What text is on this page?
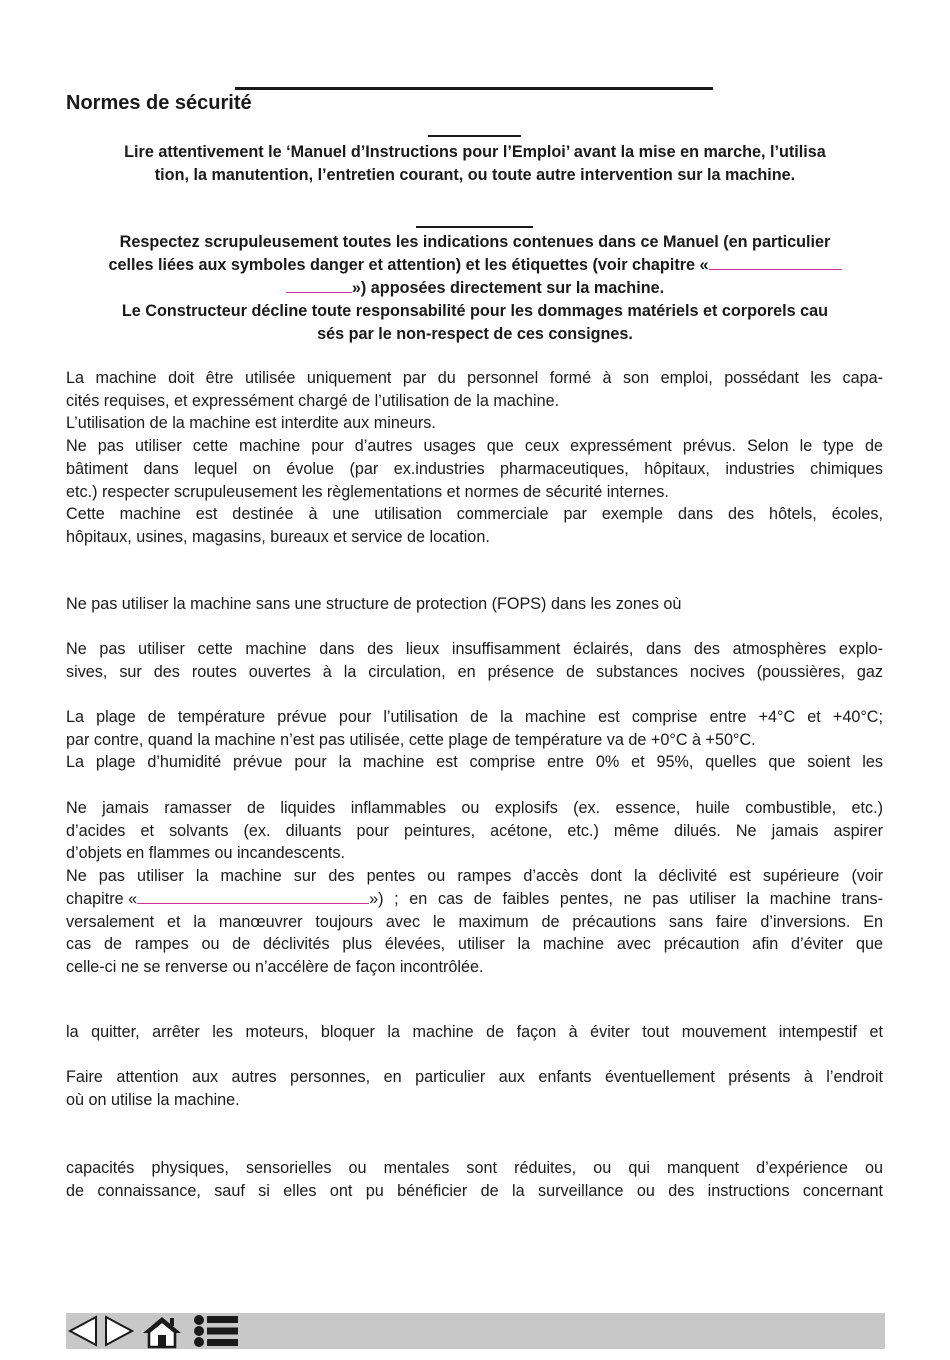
Normes de sécurité
Lire attentivement le ‘Manuel d’Instructions pour l’Emploi’ avant la mise en marche, l’utilisa
tion, la manutention, l’entretien courant, ou toute autre intervention sur la machine.
Respectez scrupuleusement toutes les indications contenues dans ce Manuel (en particulier
celles liées aux symboles danger et attention) et les étiquettes (voir chapitre «
») apposées directement sur la machine.
Le Constructeur décline toute responsabilité pour les dommages matériels et corporels cau
sés par le non-respect de ces consignes.
La machine doit être utilisée uniquement par du personnel formé à son emploi, possédant les capa-
cités requises, et expressément chargé de l’utilisation de la machine.
L’utilisation de la machine est interdite aux mineurs.
Ne pas utiliser cette machine pour d’autres usages que ceux expressément prévus. Selon le type de
bâtiment dans lequel on évolue (par ex.industries pharmaceutiques, hôpitaux, industries chimiques
etc.) respecter scrupuleusement les règlementations et normes de sécurité internes.
Cette machine est destinée à une utilisation commerciale par exemple dans des hôtels, écoles,
hôpitaux, usines, magasins, bureaux et service de location.
Ne pas utiliser la machine sans une structure de protection (FOPS) dans les zones où
Ne pas utiliser cette machine dans des lieux insuffisamment éclairés, dans des atmosphères explo-
sives, sur des routes ouvertes à la circulation, en présence de substances nocives (poussières, gaz
La plage de température prévue pour l’utilisation de la machine est comprise entre +4°C et +40°C;
par contre, quand la machine n’est pas utilisée, cette plage de température va de +0°C à +50°C.
La plage d’humidité prévue pour la machine est comprise entre 0% et 95%, quelles que soient les
Ne jamais ramasser de liquides inflammables ou explosifs (ex. essence, huile combustible, etc.)
d’acides et solvants (ex. diluants pour peintures, acétone, etc.) même dilués. Ne jamais aspirer
d’objets en flammes ou incandescents.
Ne pas utiliser la machine sur des pentes ou rampes d’accès dont la déclivité est supérieure (voir
chapitre «	») ; en cas de faibles pentes, ne pas utiliser la machine trans-
versalement et la manœuvrer toujours avec le maximum de précautions sans faire d’inversions. En
cas de rampes ou de déclivités plus élevées, utiliser la machine avec précaution afin d’éviter que
celle-ci ne se renverse ou n’accélère de façon incontrôlée.
la quitter, arrêter les moteurs, bloquer la machine de façon à éviter tout mouvement intempestif et
Faire attention aux autres personnes, en particulier aux enfants éventuellement présents à l’endroit
où on utilise la machine.
capacités physiques, sensorielles ou mentales sont réduites, ou qui manquent d’expérience ou
de connaissance, sauf si elles ont pu bénéficier de la surveillance ou des instructions concernant
